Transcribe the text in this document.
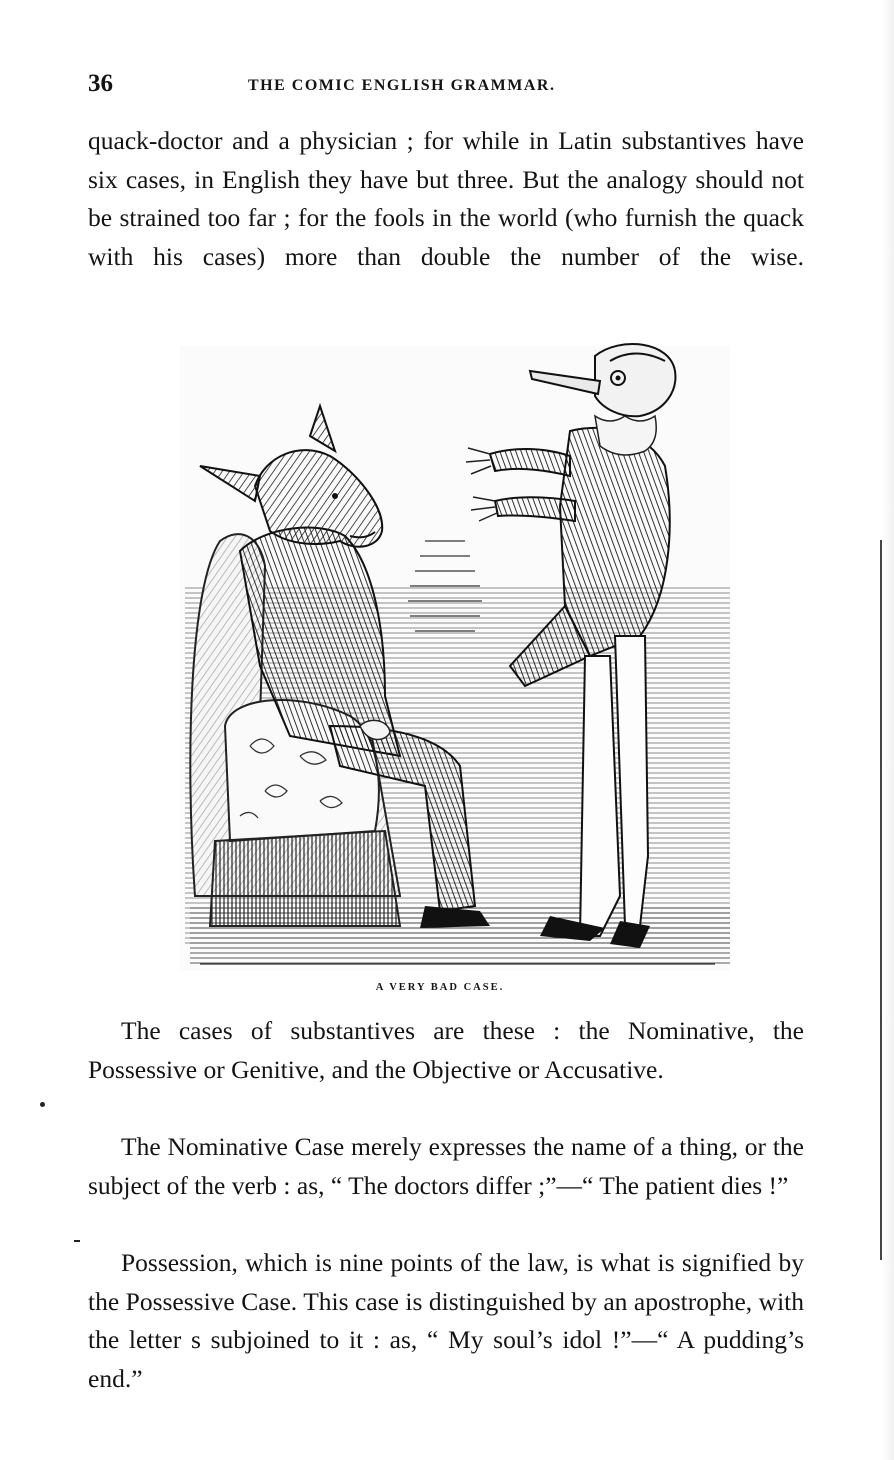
36	THE COMIC ENGLISH GRAMMAR.

quack-doctor and a physician ; for while in Latin substantives have six cases, in English they have but three. But the analogy should not be strained too far ; for the fools in the world (who furnish the quack with his cases) more than double the number of the wise.

A VERY BAD CASE.

The cases of substantives are these : the Nominative, the Possessive or Genitive, and the Objective or Accusative.

The Nominative Case merely expresses the name of a thing, or the subject of the verb : as, “ The doctors differ ;”—“ The patient dies !”

Possession, which is nine points of the law, is what is signified by the Possessive Case. This case is distinguished by an apostrophe, with the letter s subjoined to it : as, “ My soul’s idol !”—“ A pudding’s end.”
